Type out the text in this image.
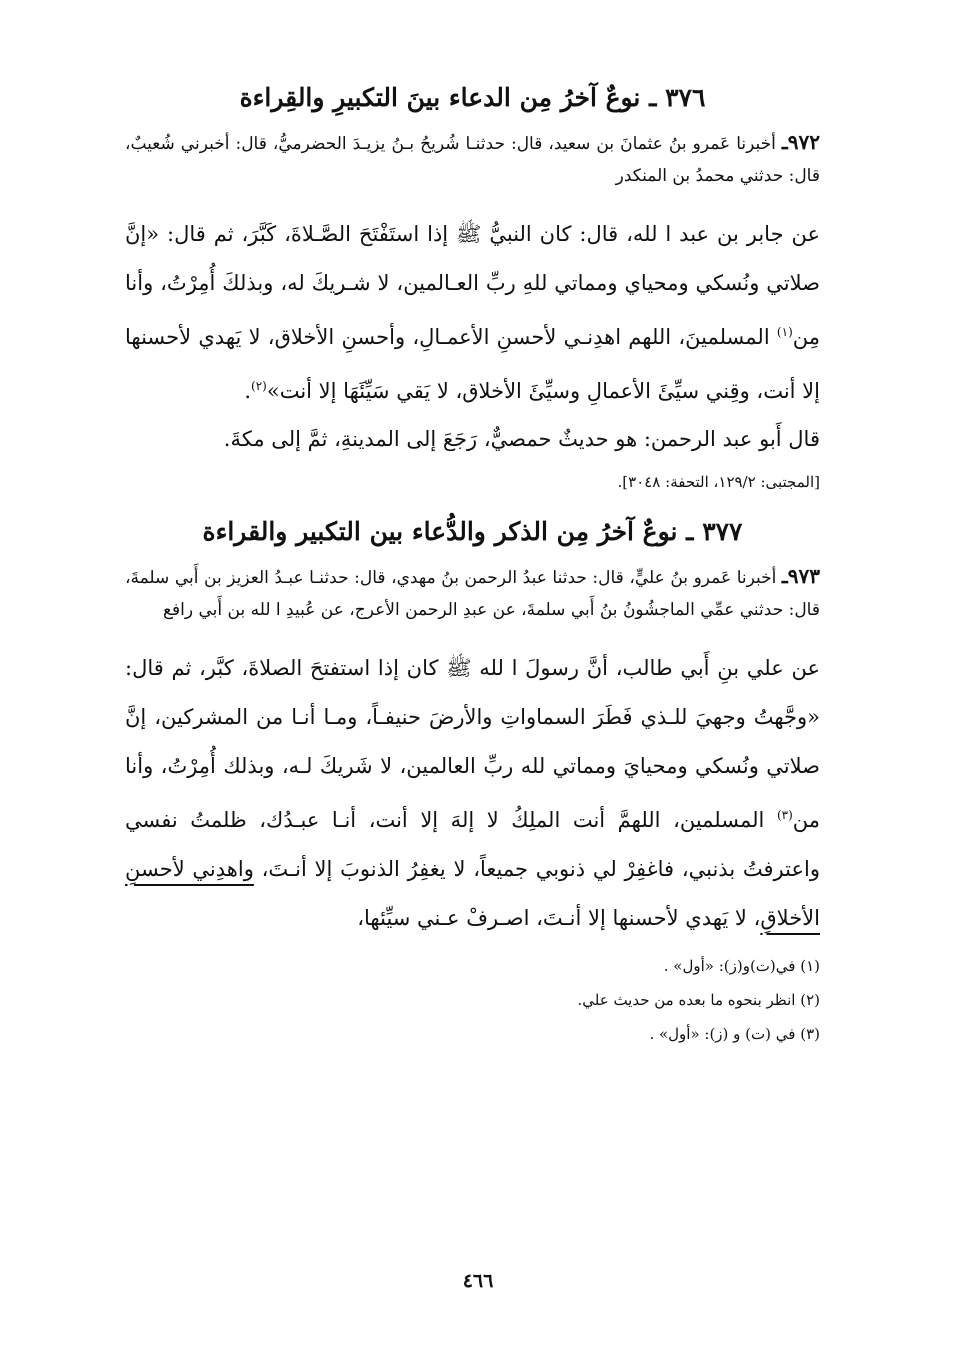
٣٧٦ ـ نوعٌ آخرُ مِن الدعاء بينَ التكبيرِ والقِراءة
٩٧٢ـ أخبرنا عَمرو بنُ عثمانَ بن سعيد، قال: حدثنـا شُريحُ بـنُ يزيـدَ الحضرميُّ، قال: أخبرني شُعيبٌ، قال: حدثني محمدُ بن المنكدر
عن جابر بن عبد ا لله، قال: كان النبيُّ ﷺ إذا استَفْتَحَ الصَّـلاةَ، كَبَّرَ، ثم قال: «إنَّ صلاتي ونُسكي ومحياي ومماتي للهِ ربِّ العـالمين، لا شـريكَ له، وبذلكَ أُمِرْتُ، وأنا مِن$^{(١)}$ المسلمينَ، اللهم اهدِنـي لأحسنِ الأعمـالِ، وأحسنِ الأخلاق، لا يَهدي لأحسنها إلا أنت، وقِني سيِّئَ الأعمالِ وسيِّئَ الأخلاق، لا يَقي سَيِّئَهَا إلا أنت»$^{(٢)}$.
قال أَبو عبد الرحمن: هو حديثٌ حمصيٌّ، رَجَعَ إلى المدينةِ، ثمَّ إلى مكةَ.
[المجتبى: ١٢٩/٢، التحفة: ٣٠٤٨].
٣٧٧ ـ نوعٌ آخرُ مِن الذكر والدُّعاء بين التكبير والقراءة
٩٧٣ـ أخبرنا عَمرو بنُ عليٍّ، قال: حدثنا عبدُ الرحمن بنُ مهدي، قال: حدثنـا عبـدُ العزيز بن أَبي سلمةَ، قال: حدثني عمِّي الماجشُونُ بنُ أَبي سلمةَ، عن عبدِ الرحمن الأعرج، عن عُبيدِ ا لله بن أَبي رافع
عن علي بنِ أَبي طالب، أنَّ رسولَ ا لله ﷺ كان إذا استفتحَ الصلاةَ، كبَّر، ثم قال: «وجَّهتُ وجهيَ للـذي فَطَرَ السماواتِ والأرضَ حنيفـاً، ومـا أنـا من المشركين، إنَّ صلاتي ونُسكي ومحيايَ ومماتي لله ربِّ العالمين، لا شَريكَ لـه، وبذلك أُمِرْتُ، وأنا من$^{(٣)}$ المسلمين، اللهمَّ أنت الملِكُ لا إلهَ إلا أنت، أنـا عبـدُك، ظلمتُ نفسي واعترفتُ بذنبي، فاغفِرْ لي ذنوبي جميعاً، لا يغفِرُ الذنوبَ إلا أنـتَ، واهدِني لأحسنِ الأخلاقِ، لا يَهدي لأحسنها إلا أنـتَ، اصـرفْ عـني سيِّئها،
(١) في(ت)و(ز): «أول» .
(٢) انظر بنحوه ما بعده من حديث علي.
(٣) في (ت) و (ز): «أول» .
٤٦٦
